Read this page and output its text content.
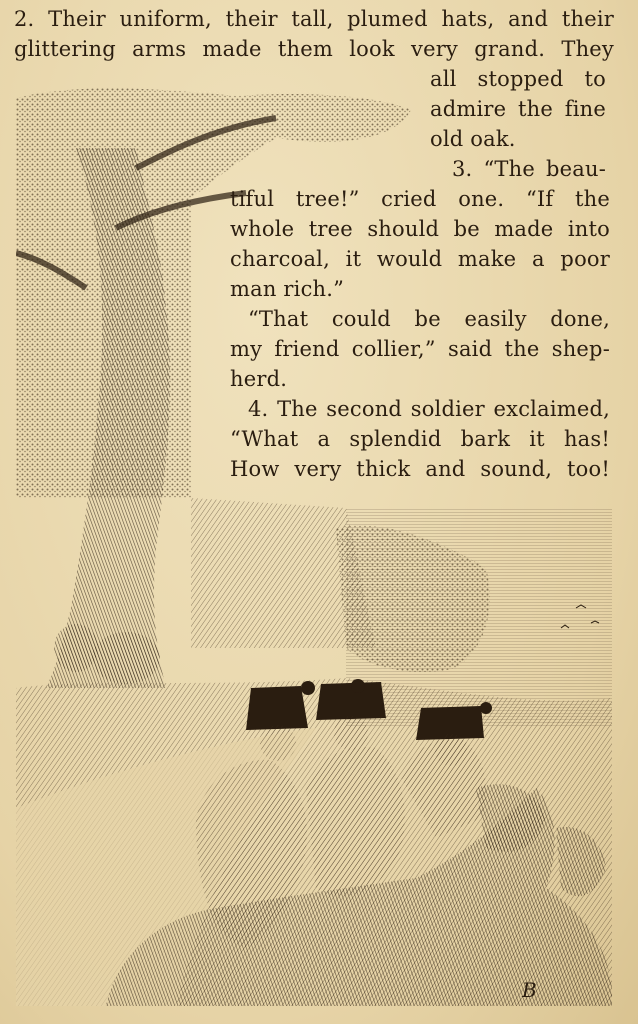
2. Their uniform, their tall, plumed hats, and their
glittering arms made them look very grand. They
all stopped to
admire the fine
old oak.
3. “The beau-
tiful tree!” cried one. “If the
whole tree should be made into
charcoal, it would make a poor
man rich.”
“That could be easily done,
my friend collier,” said the shep-
herd.
4. The second soldier exclaimed,
“What a splendid bark it has!
How very thick and sound, too!
B
